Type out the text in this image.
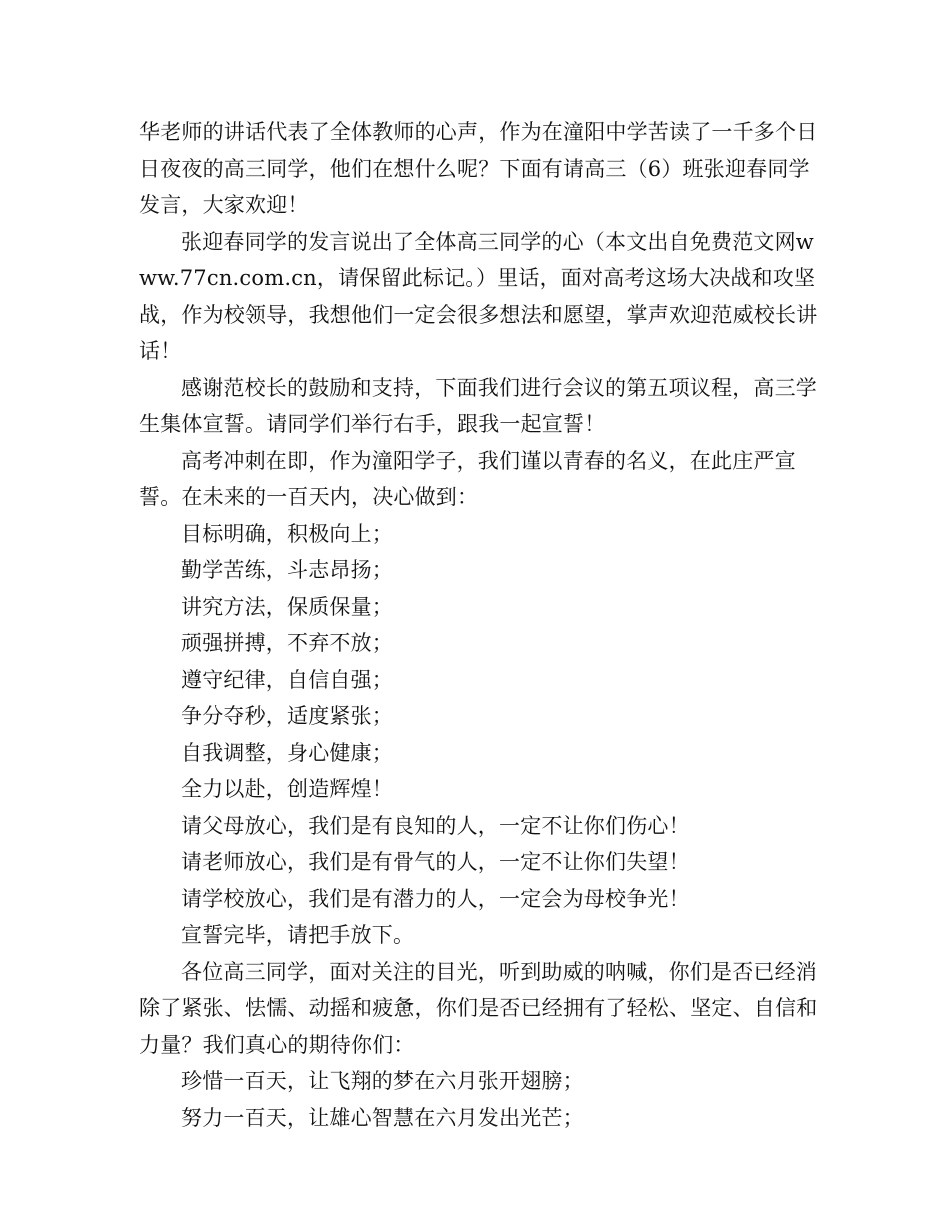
华老师的讲话代表了全体教师的心声，作为在潼阳中学苦读了一千多个日日夜夜的高三同学，他们在想什么呢？下面有请高三（6）班张迎春同学发言，大家欢迎！

张迎春同学的发言说出了全体高三同学的心（本文出自免费范文网www.77cn.com.cn，请保留此标记。）里话，面对高考这场大决战和攻坚战，作为校领导，我想他们一定会很多想法和愿望，掌声欢迎范威校长讲话！

感谢范校长的鼓励和支持，下面我们进行会议的第五项议程，高三学生集体宣誓。请同学们举行右手，跟我一起宣誓！

高考冲刺在即，作为潼阳学子，我们谨以青春的名义，在此庄严宣誓。在未来的一百天内，决心做到：

目标明确，积极向上；

勤学苦练，斗志昂扬；

讲究方法，保质保量；

顽强拼搏，不弃不放；

遵守纪律，自信自强；

争分夺秒，适度紧张；

自我调整，身心健康；

全力以赴，创造辉煌！

请父母放心，我们是有良知的人，一定不让你们伤心！

请老师放心，我们是有骨气的人，一定不让你们失望！

请学校放心，我们是有潜力的人，一定会为母校争光！

宣誓完毕，请把手放下。

各位高三同学，面对关注的目光，听到助威的呐喊，你们是否已经消除了紧张、怯懦、动摇和疲惫，你们是否已经拥有了轻松、坚定、自信和力量？我们真心的期待你们：

珍惜一百天，让飞翔的梦在六月张开翅膀；

努力一百天，让雄心智慧在六月发出光芒；
